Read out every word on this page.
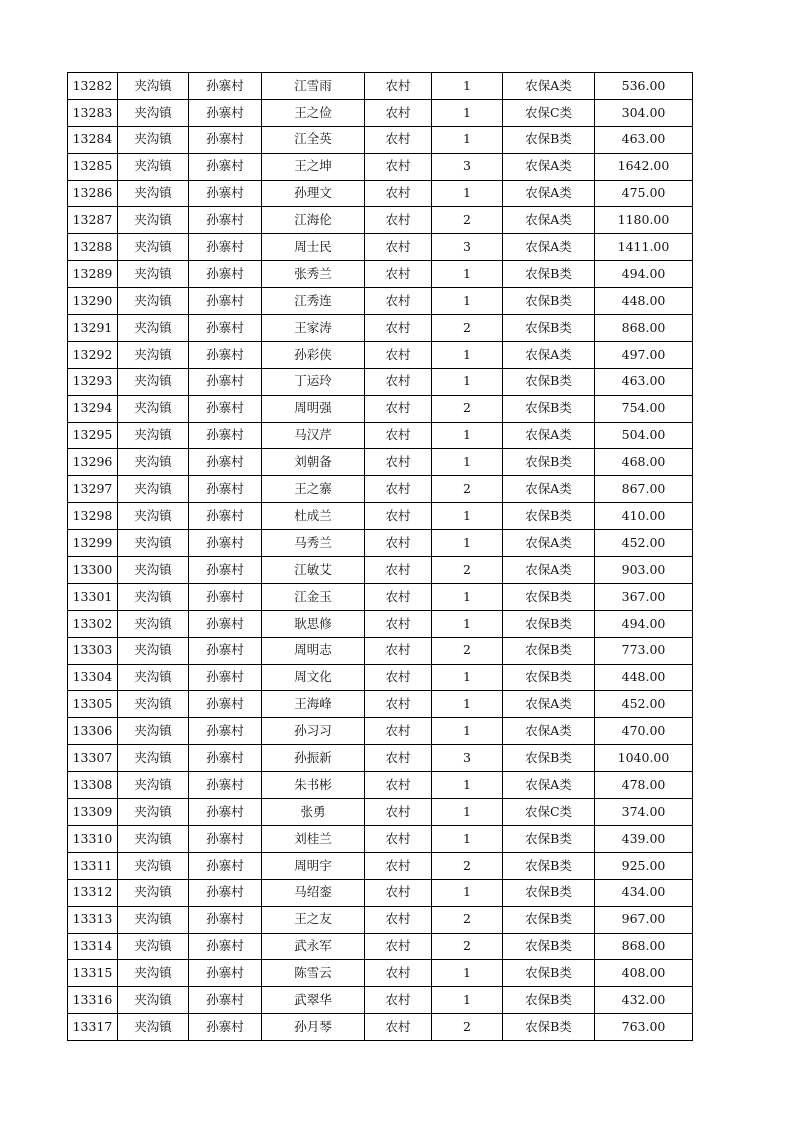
13282	夹沟镇	孙寨村	江雪雨	农村	1	农保A类	536.00
13283	夹沟镇	孙寨村	王之俭	农村	1	农保C类	304.00
13284	夹沟镇	孙寨村	江全英	农村	1	农保B类	463.00
13285	夹沟镇	孙寨村	王之坤	农村	3	农保A类	1642.00
13286	夹沟镇	孙寨村	孙理文	农村	1	农保A类	475.00
13287	夹沟镇	孙寨村	江海伦	农村	2	农保A类	1180.00
13288	夹沟镇	孙寨村	周士民	农村	3	农保A类	1411.00
13289	夹沟镇	孙寨村	张秀兰	农村	1	农保B类	494.00
13290	夹沟镇	孙寨村	江秀连	农村	1	农保B类	448.00
13291	夹沟镇	孙寨村	王家涛	农村	2	农保B类	868.00
13292	夹沟镇	孙寨村	孙彩侠	农村	1	农保A类	497.00
13293	夹沟镇	孙寨村	丁运玲	农村	1	农保B类	463.00
13294	夹沟镇	孙寨村	周明强	农村	2	农保B类	754.00
13295	夹沟镇	孙寨村	马汉芹	农村	1	农保A类	504.00
13296	夹沟镇	孙寨村	刘朝备	农村	1	农保B类	468.00
13297	夹沟镇	孙寨村	王之寨	农村	2	农保A类	867.00
13298	夹沟镇	孙寨村	杜成兰	农村	1	农保B类	410.00
13299	夹沟镇	孙寨村	马秀兰	农村	1	农保A类	452.00
13300	夹沟镇	孙寨村	江敏艾	农村	2	农保A类	903.00
13301	夹沟镇	孙寨村	江金玉	农村	1	农保B类	367.00
13302	夹沟镇	孙寨村	耿思修	农村	1	农保B类	494.00
13303	夹沟镇	孙寨村	周明志	农村	2	农保B类	773.00
13304	夹沟镇	孙寨村	周文化	农村	1	农保B类	448.00
13305	夹沟镇	孙寨村	王海峰	农村	1	农保A类	452.00
13306	夹沟镇	孙寨村	孙习习	农村	1	农保A类	470.00
13307	夹沟镇	孙寨村	孙振新	农村	3	农保B类	1040.00
13308	夹沟镇	孙寨村	朱书彬	农村	1	农保A类	478.00
13309	夹沟镇	孙寨村	张勇	农村	1	农保C类	374.00
13310	夹沟镇	孙寨村	刘桂兰	农村	1	农保B类	439.00
13311	夹沟镇	孙寨村	周明宇	农村	2	农保B类	925.00
13312	夹沟镇	孙寨村	马绍銮	农村	1	农保B类	434.00
13313	夹沟镇	孙寨村	王之友	农村	2	农保B类	967.00
13314	夹沟镇	孙寨村	武永军	农村	2	农保B类	868.00
13315	夹沟镇	孙寨村	陈雪云	农村	1	农保B类	408.00
13316	夹沟镇	孙寨村	武翠华	农村	1	农保B类	432.00
13317	夹沟镇	孙寨村	孙月琴	农村	2	农保B类	763.00
